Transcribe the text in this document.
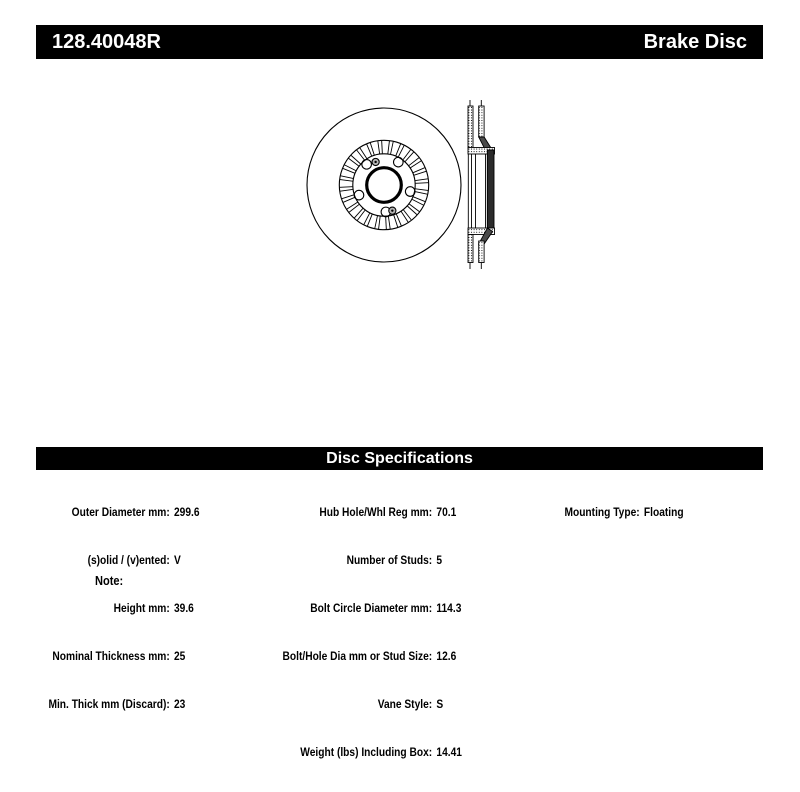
128.40048R	Brake Disc
Disc Specifications

Outer Diameter mm: 299.6

(s)olid / (v)ented: V

Height mm: 39.6

Nominal Thickness mm: 25

Min. Thick mm (Discard): 23

Hub Hole/Whl Reg mm: 70.1

Number of Studs: 5

Bolt Circle Diameter mm: 114.3

Bolt/Hole Dia mm or Stud Size: 12.6

Vane Style: S

Weight (lbs) Including Box: 14.41

Mounting Type: Floating

Note:
